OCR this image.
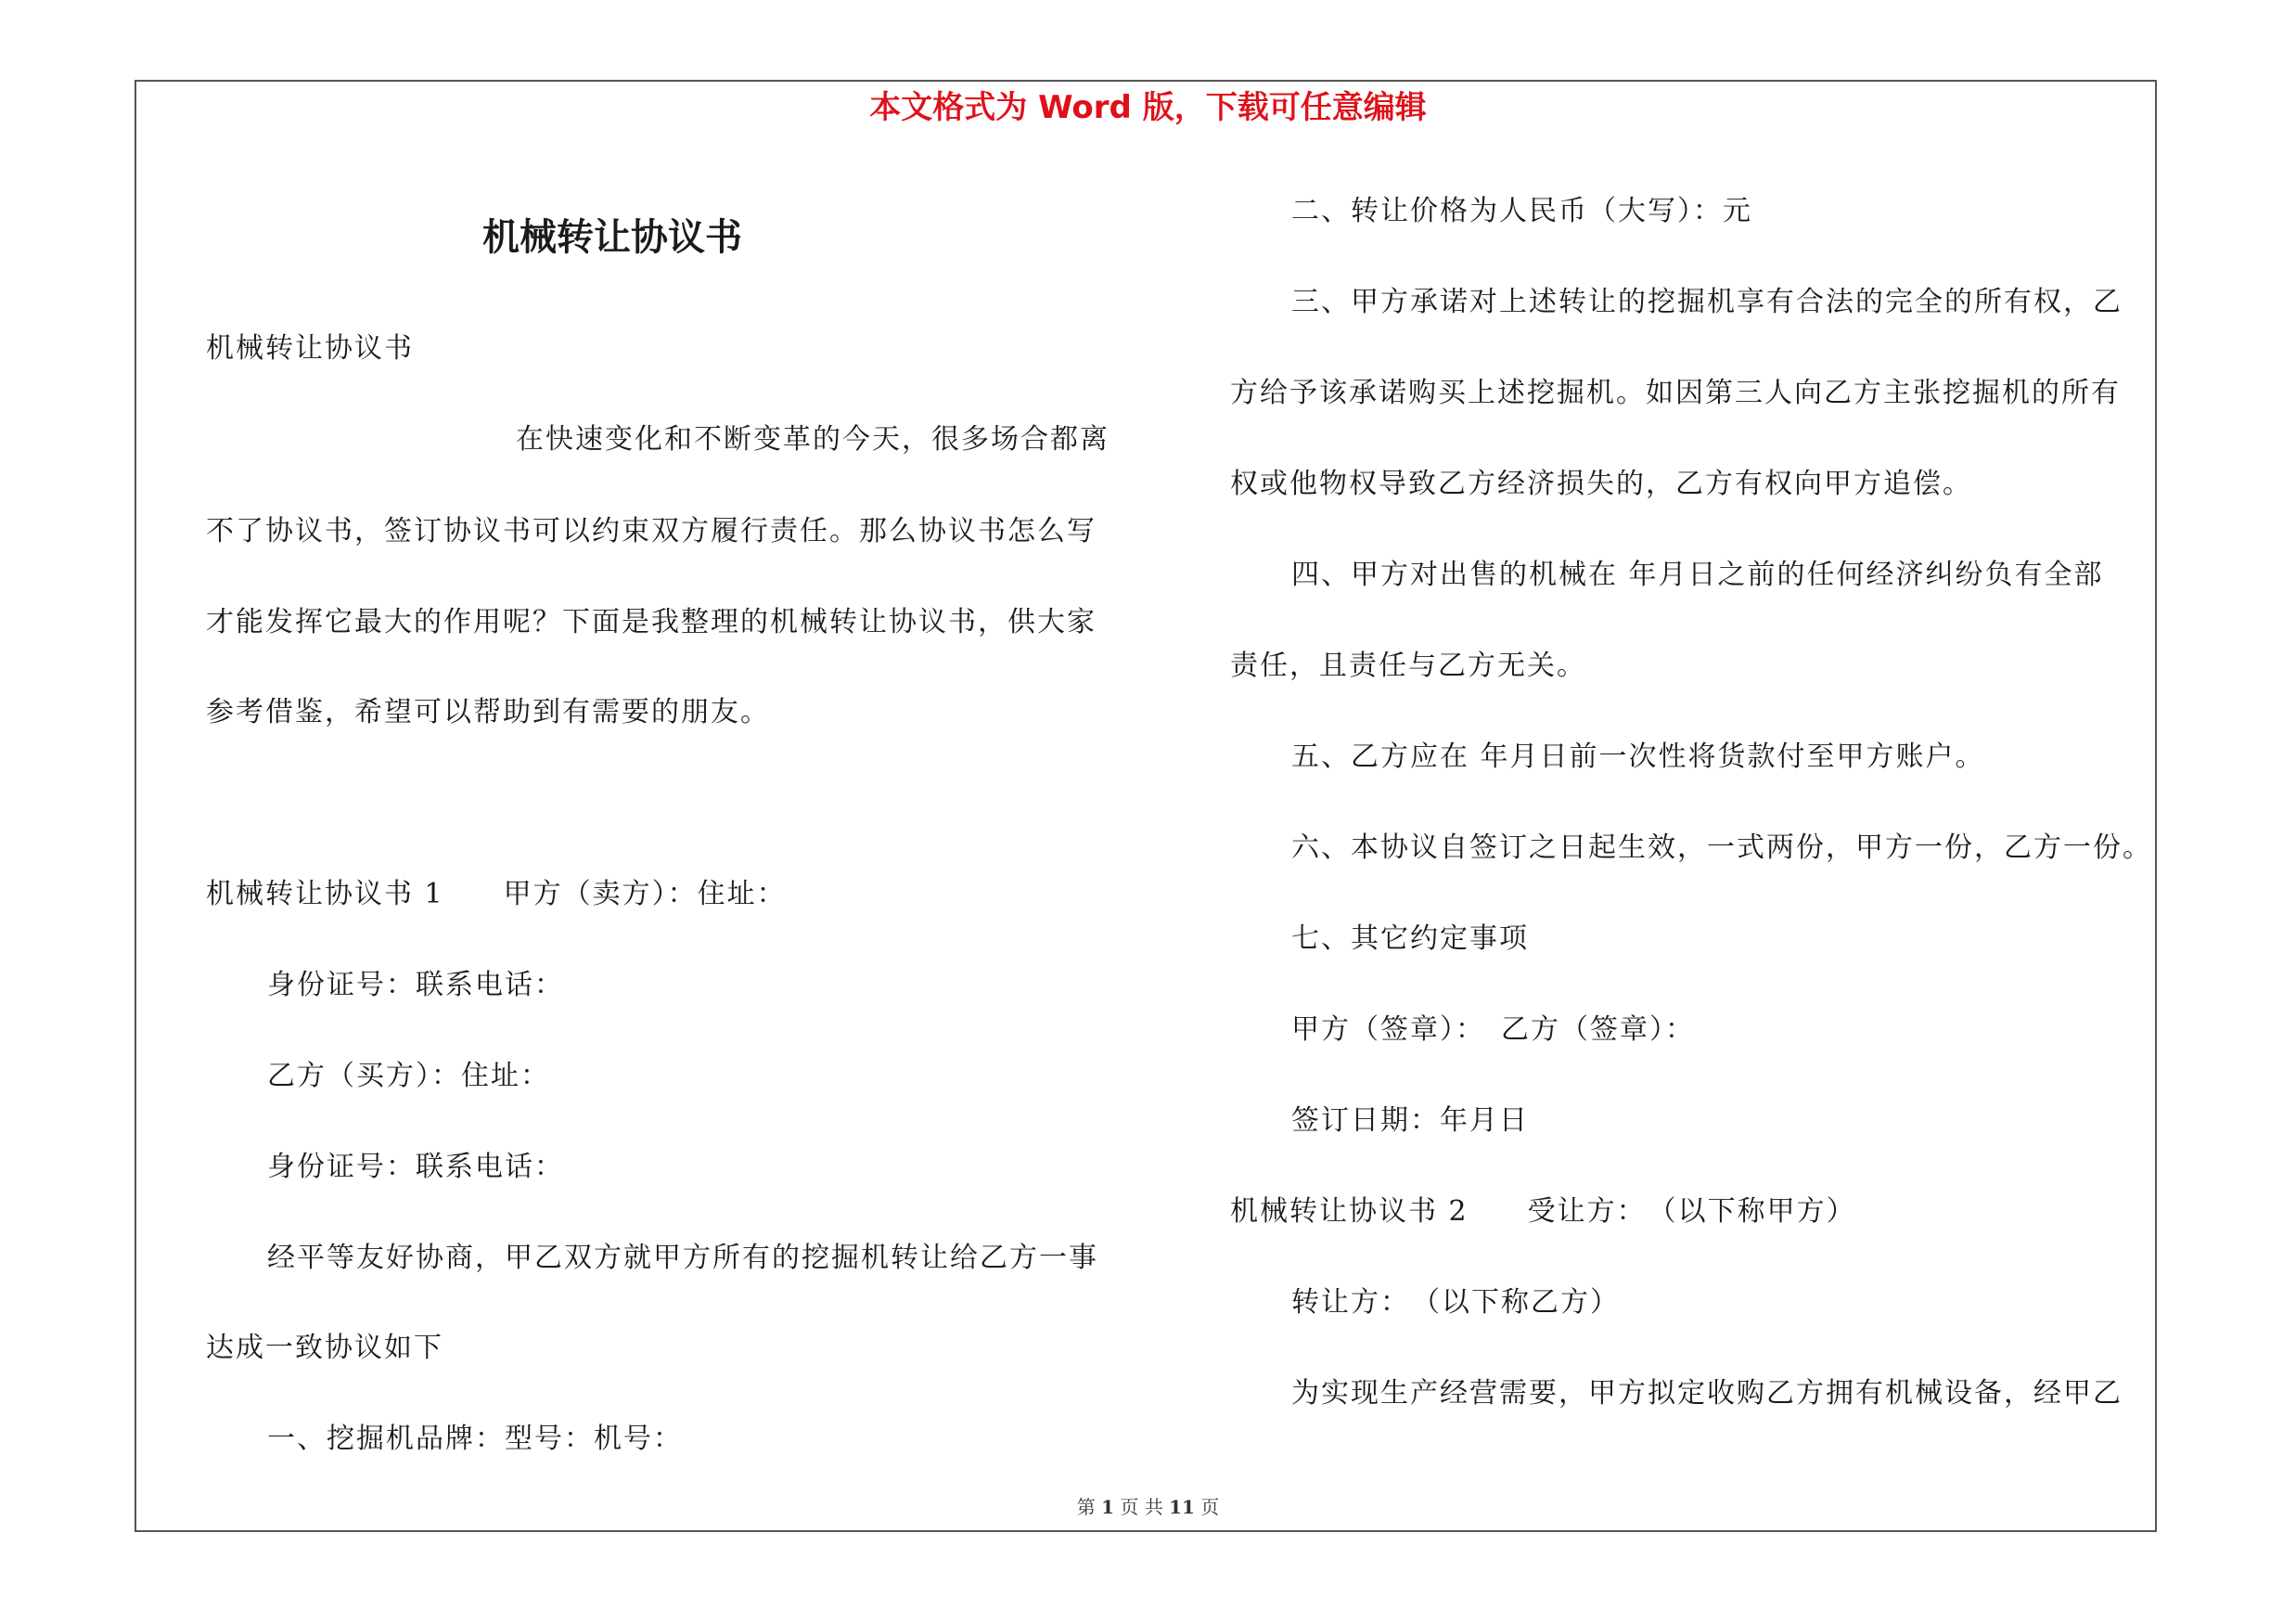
本文格式为 Word 版，下载可任意编辑
机械转让协议书
机械转让协议书
在快速变化和不断变革的今天，很多场合都离
不了协议书，签订协议书可以约束双方履行责任。那么协议书怎么写
才能发挥它最大的作用呢？下面是我整理的机械转让协议书，供大家
参考借鉴，希望可以帮助到有需要的朋友。
机械转让协议书 1　　甲方（卖方）：住址：
身份证号：联系电话：
乙方（买方）：住址：
身份证号：联系电话：
经平等友好协商，甲乙双方就甲方所有的挖掘机转让给乙方一事
达成一致协议如下
一、挖掘机品牌：型号：机号：
二、转让价格为人民币（大写）：元
三、甲方承诺对上述转让的挖掘机享有合法的完全的所有权，乙
方给予该承诺购买上述挖掘机。如因第三人向乙方主张挖掘机的所有
权或他物权导致乙方经济损失的，乙方有权向甲方追偿。
四、甲方对出售的机械在 年月日之前的任何经济纠纷负有全部
责任，且责任与乙方无关。
五、乙方应在 年月日前一次性将货款付至甲方账户。
六、本协议自签订之日起生效，一式两份，甲方一份，乙方一份。
七、其它约定事项
甲方（签章）：　乙方（签章）：
签订日期：年月日
机械转让协议书 2　　受让方：　（以下称甲方）
转让方：　（以下称乙方）
为实现生产经营需要，甲方拟定收购乙方拥有机械设备，经甲乙
第 1 页 共 11 页
